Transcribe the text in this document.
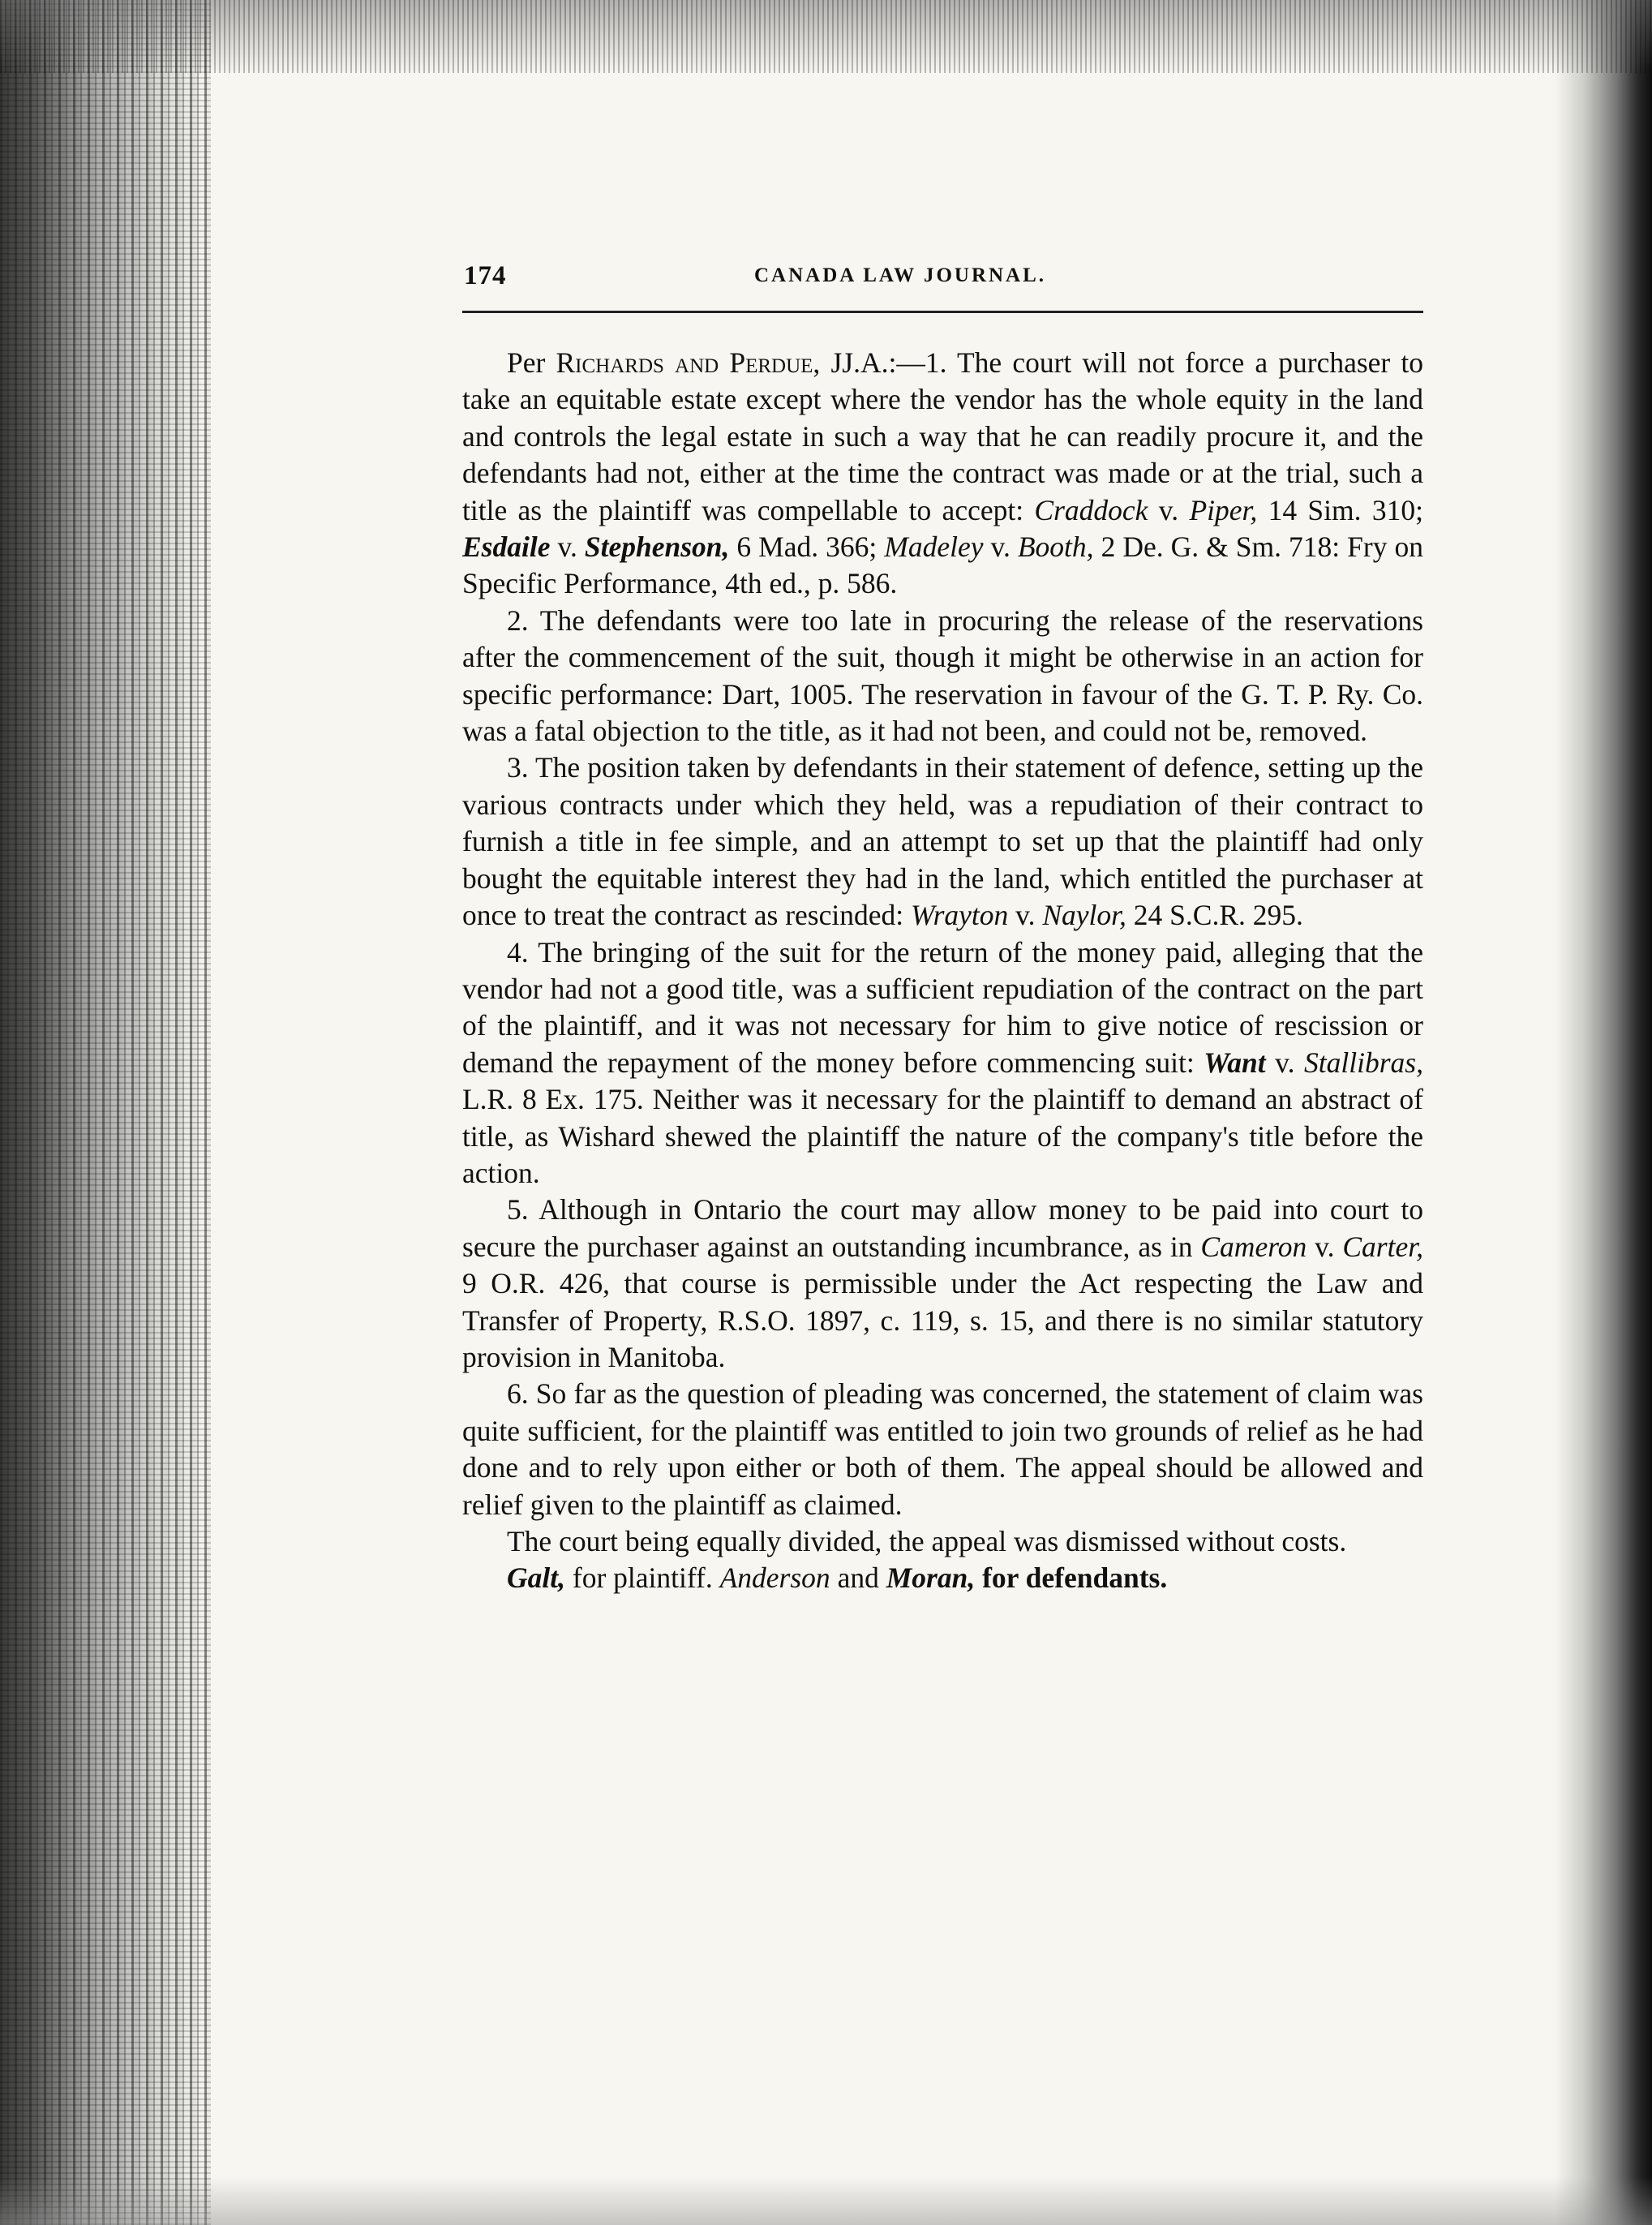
174	CANADA LAW JOURNAL.

Per Richards and Perdue, JJ.A.:—1. The court will not force a purchaser to take an equitable estate except where the vendor has the whole equity in the land and controls the legal estate in such a way that he can readily procure it, and the defendants had not, either at the time the contract was made or at the trial, such a title as the plaintiff was compellable to accept: Craddock v. Piper, 14 Sim. 310; Esdaile v. Stephenson, 6 Mad. 366; Madeley v. Booth, 2 De. G. & Sm. 718: Fry on Specific Performance, 4th ed., p. 586.

2. The defendants were too late in procuring the release of the reservations after the commencement of the suit, though it might be otherwise in an action for specific performance: Dart, 1005. The reservation in favour of the G. T. P. Ry. Co. was a fatal objection to the title, as it had not been, and could not be, removed.

3. The position taken by defendants in their statement of defence, setting up the various contracts under which they held, was a repudiation of their contract to furnish a title in fee simple, and an attempt to set up that the plaintiff had only bought the equitable interest they had in the land, which entitled the purchaser at once to treat the contract as rescinded: Wrayton v. Naylor, 24 S.C.R. 295.

4. The bringing of the suit for the return of the money paid, alleging that the vendor had not a good title, was a sufficient repudiation of the contract on the part of the plaintiff, and it was not necessary for him to give notice of rescission or demand the repayment of the money before commencing suit: Want v. Stallibras, L.R. 8 Ex. 175. Neither was it necessary for the plaintiff to demand an abstract of title, as Wishard shewed the plaintiff the nature of the company's title before the action.

5. Although in Ontario the court may allow money to be paid into court to secure the purchaser against an outstanding incumbrance, as in Cameron v. Carter, 9 O.R. 426, that course is permissible under the Act respecting the Law and Transfer of Property, R.S.O. 1897, c. 119, s. 15, and there is no similar statutory provision in Manitoba.

6. So far as the question of pleading was concerned, the statement of claim was quite sufficient, for the plaintiff was entitled to join two grounds of relief as he had done and to rely upon either or both of them. The appeal should be allowed and relief given to the plaintiff as claimed.

The court being equally divided, the appeal was dismissed without costs.

Galt, for plaintiff. Anderson and Moran, for defendants.
